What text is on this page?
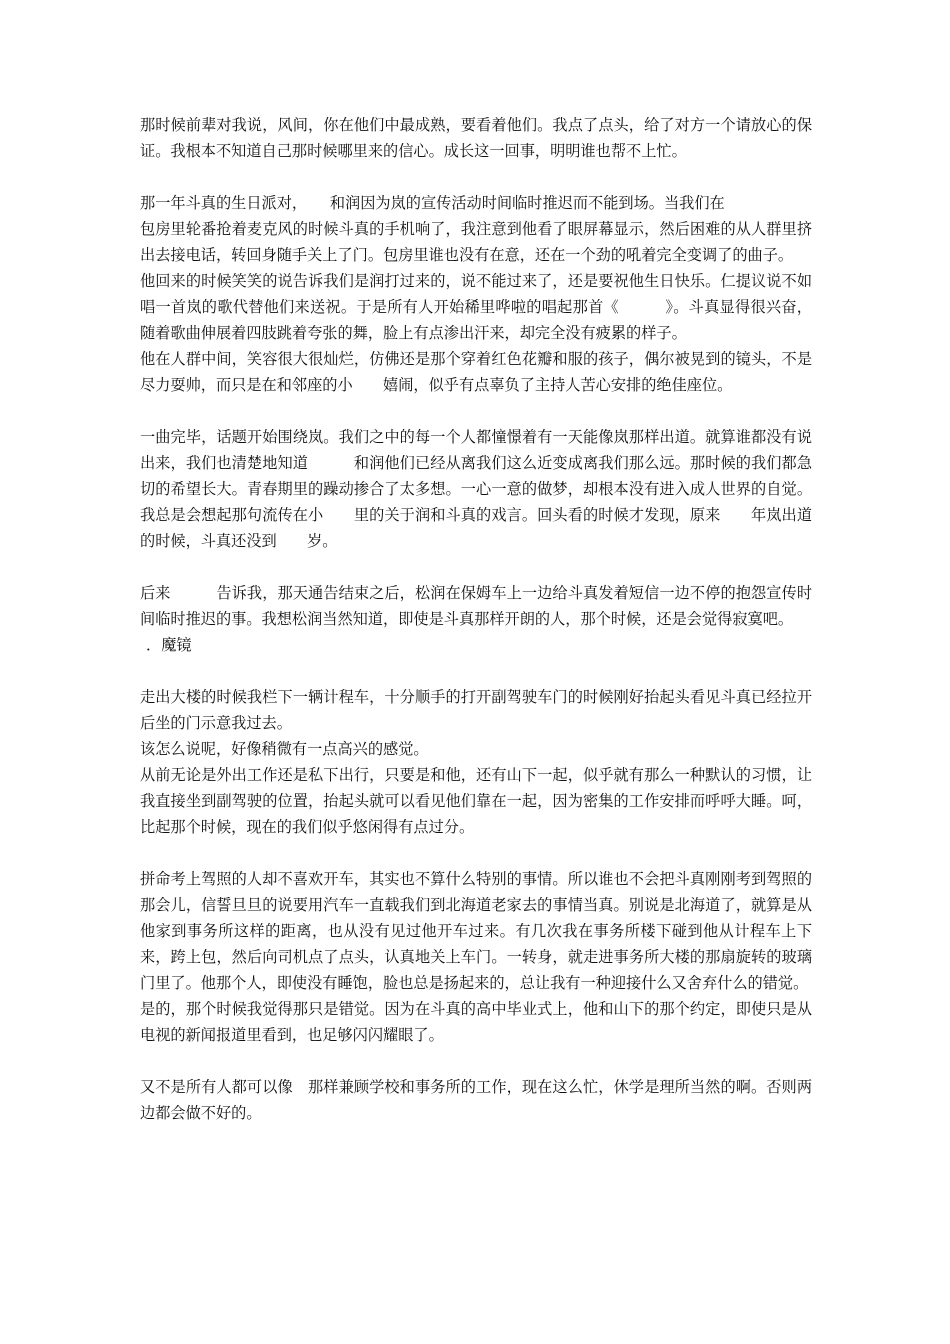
那时候前辈对我说，风间，你在他们中最成熟，要看着他们。我点了点头，给了对方一个请放心的保证。我根本不知道自己那时候哪里来的信心。成长这一回事，明明谁也帮不上忙。

那一年斗真的生日派对，　　和润因为岚的宣传活动时间临时推迟而不能到场。当我们在

包房里轮番抢着麦克风的时候斗真的手机响了，我注意到他看了眼屏幕显示，然后困难的从人群里挤出去接电话，转回身随手关上了门。包房里谁也没有在意，还在一个劲的吼着完全变调了的曲子。

他回来的时候笑笑的说告诉我们是润打过来的，说不能过来了，还是要祝他生日快乐。仁提议说不如唱一首岚的歌代替他们来送祝。于是所有人开始稀里哗啦的唱起那首《　　　》。斗真显得很兴奋，随着歌曲伸展着四肢跳着夸张的舞，脸上有点渗出汗来，却完全没有疲累的样子。

他在人群中间，笑容很大很灿烂，仿佛还是那个穿着红色花瓣和服的孩子，偶尔被晃到的镜头，不是尽力耍帅，而只是在和邻座的小　　嬉闹，似乎有点辜负了主持人苦心安排的绝佳座位。

一曲完毕，话题开始围绕岚。我们之中的每一个人都憧憬着有一天能像岚那样出道。就算谁都没有说出来，我们也清楚地知道　　　和润他们已经从离我们这么近变成离我们那么远。那时候的我们都急切的希望长大。青春期里的躁动掺合了太多想。一心一意的做梦，却根本没有进入成人世界的自觉。我总是会想起那句流传在小　　里的关于润和斗真的戏言。回头看的时候才发现，原来　　年岚出道的时候，斗真还没到　　岁。

后来　　　告诉我，那天通告结束之后，松润在保姆车上一边给斗真发着短信一边不停的抱怨宣传时间临时推迟的事。我想松润当然知道，即使是斗真那样开朗的人，那个时候，还是会觉得寂寞吧。

．魔镜

走出大楼的时候我栏下一辆计程车，十分顺手的打开副驾驶车门的时候刚好抬起头看见斗真已经拉开后坐的门示意我过去。

该怎么说呢，好像稍微有一点高兴的感觉。

从前无论是外出工作还是私下出行，只要是和他，还有山下一起，似乎就有那么一种默认的习惯，让我直接坐到副驾驶的位置，抬起头就可以看见他们靠在一起，因为密集的工作安排而呼呼大睡。呵，比起那个时候，现在的我们似乎悠闲得有点过分。

拼命考上驾照的人却不喜欢开车，其实也不算什么特别的事情。所以谁也不会把斗真刚刚考到驾照的那会儿，信誓旦旦的说要用汽车一直载我们到北海道老家去的事情当真。别说是北海道了，就算是从他家到事务所这样的距离，也从没有见过他开车过来。有几次我在事务所楼下碰到他从计程车上下来，跨上包，然后向司机点了点头，认真地关上车门。一转身，就走进事务所大楼的那扇旋转的玻璃门里了。他那个人，即使没有睡饱，脸也总是扬起来的，总让我有一种迎接什么又舍弃什么的错觉。

是的，那个时候我觉得那只是错觉。因为在斗真的高中毕业式上，他和山下的那个约定，即使只是从电视的新闻报道里看到，也足够闪闪耀眼了。

又不是所有人都可以像　那样兼顾学校和事务所的工作，现在这么忙，休学是理所当然的啊。否则两边都会做不好的。
